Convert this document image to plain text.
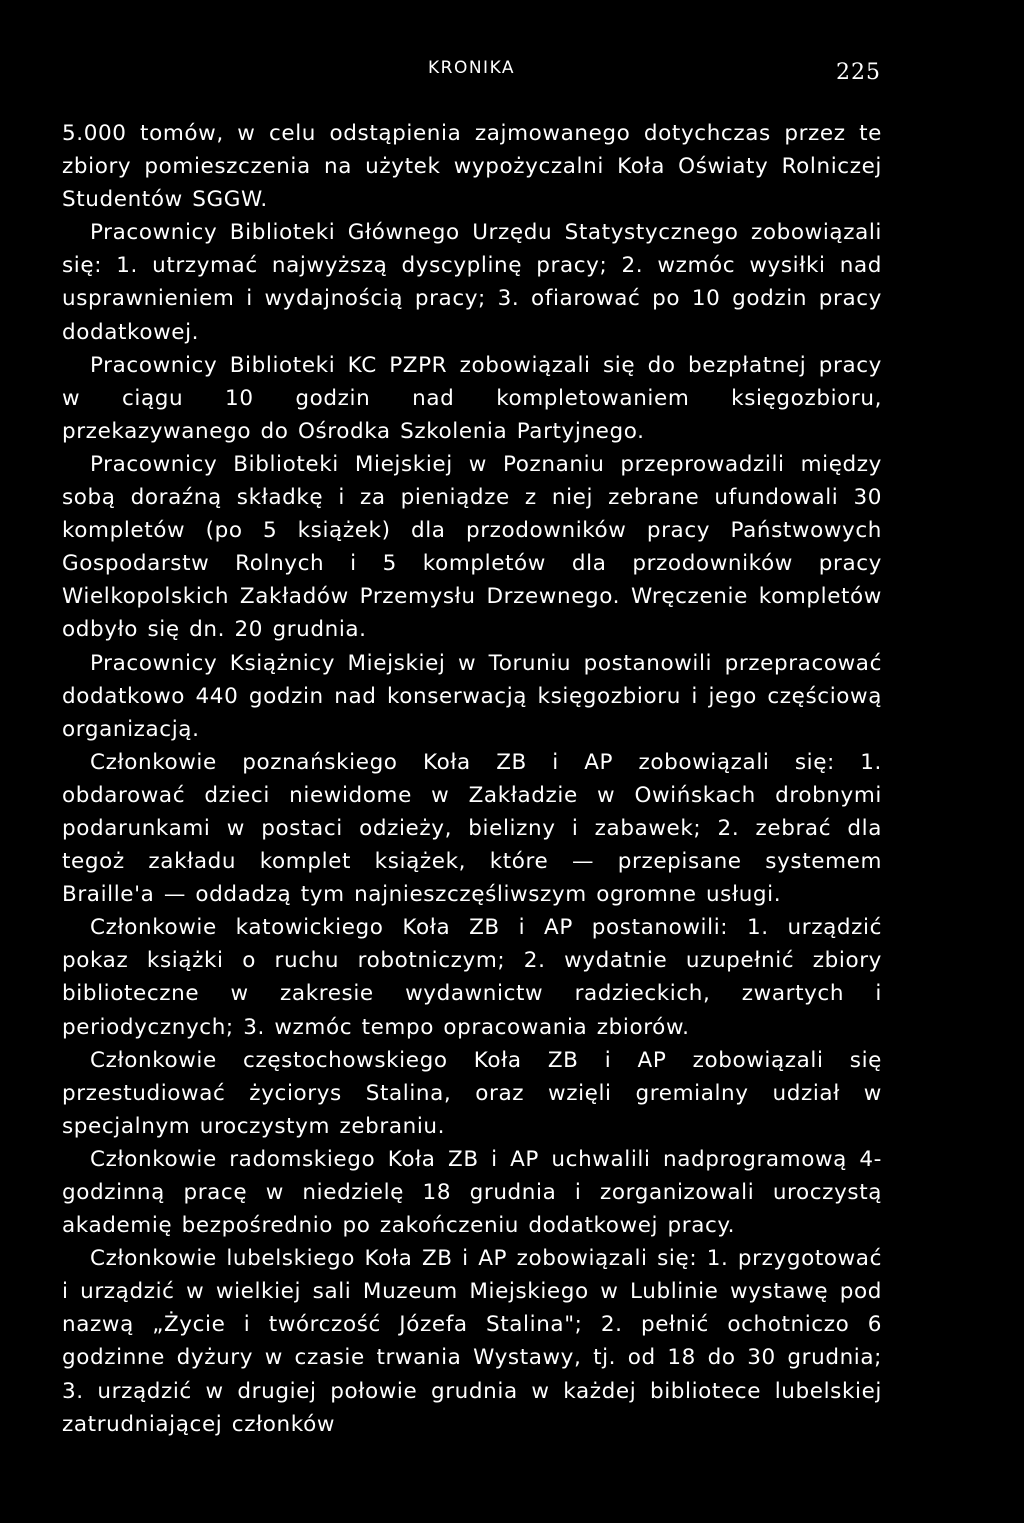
KRONIKA	225

5.000 tomów, w celu odstąpienia zajmowanego dotychczas przez te zbiory pomieszczenia na użytek wypożyczalni Koła Oświaty Rolniczej Studentów SGGW.

Pracownicy Biblioteki Głównego Urzędu Statystycznego zobowiązali się: 1. utrzymać najwyższą dyscyplinę pracy; 2. wzmóc wysiłki nad usprawnieniem i wydajnością pracy; 3. ofiarować po 10 godzin pracy dodatkowej.

Pracownicy Biblioteki KC PZPR zobowiązali się do bezpłatnej pracy w ciągu 10 godzin nad kompletowaniem księgozbioru, przekazywanego do Ośrodka Szkolenia Partyjnego.

Pracownicy Biblioteki Miejskiej w Poznaniu przeprowadzili między sobą doraźną składkę i za pieniądze z niej zebrane ufundowali 30 kompletów (po 5 książek) dla przodowników pracy Państwowych Gospodarstw Rolnych i 5 kompletów dla przodowników pracy Wielkopolskich Zakładów Przemysłu Drzewnego. Wręczenie kompletów odbyło się dn. 20 grudnia.

Pracownicy Książnicy Miejskiej w Toruniu postanowili przepracować dodatkowo 440 godzin nad konserwacją księgozbioru i jego częściową organizacją.

Członkowie poznańskiego Koła ZB i AP zobowiązali się: 1. obdarować dzieci niewidome w Zakładzie w Owińskach drobnymi podarunkami w postaci odzieży, bielizny i zabawek; 2. zebrać dla tegoż zakładu komplet książek, które — przepisane systemem Braille'a — oddadzą tym najnieszczęśliwszym ogromne usługi.

Członkowie katowickiego Koła ZB i AP postanowili: 1. urządzić pokaz książki o ruchu robotniczym; 2. wydatnie uzupełnić zbiory biblioteczne w zakresie wydawnictw radzieckich, zwartych i periodycznych; 3. wzmóc tempo opracowania zbiorów.

Członkowie częstochowskiego Koła ZB i AP zobowiązali się przestudiować życiorys Stalina, oraz wzięli gremialny udział w specjalnym uroczystym zebraniu.

Członkowie radomskiego Koła ZB i AP uchwalili nadprogramową 4-godzinną pracę w niedzielę 18 grudnia i zorganizowali uroczystą akademię bezpośrednio po zakończeniu dodatkowej pracy.

Członkowie lubelskiego Koła ZB i AP zobowiązali się: 1. przygotować i urządzić w wielkiej sali Muzeum Miejskiego w Lublinie wystawę pod nazwą „Życie i twórczość Józefa Stalina"; 2. pełnić ochotniczo 6 godzinne dyżury w czasie trwania Wystawy, tj. od 18 do 30 grudnia; 3. urządzić w drugiej połowie grudnia w każdej bibliotece lubelskiej zatrudniającej członków
